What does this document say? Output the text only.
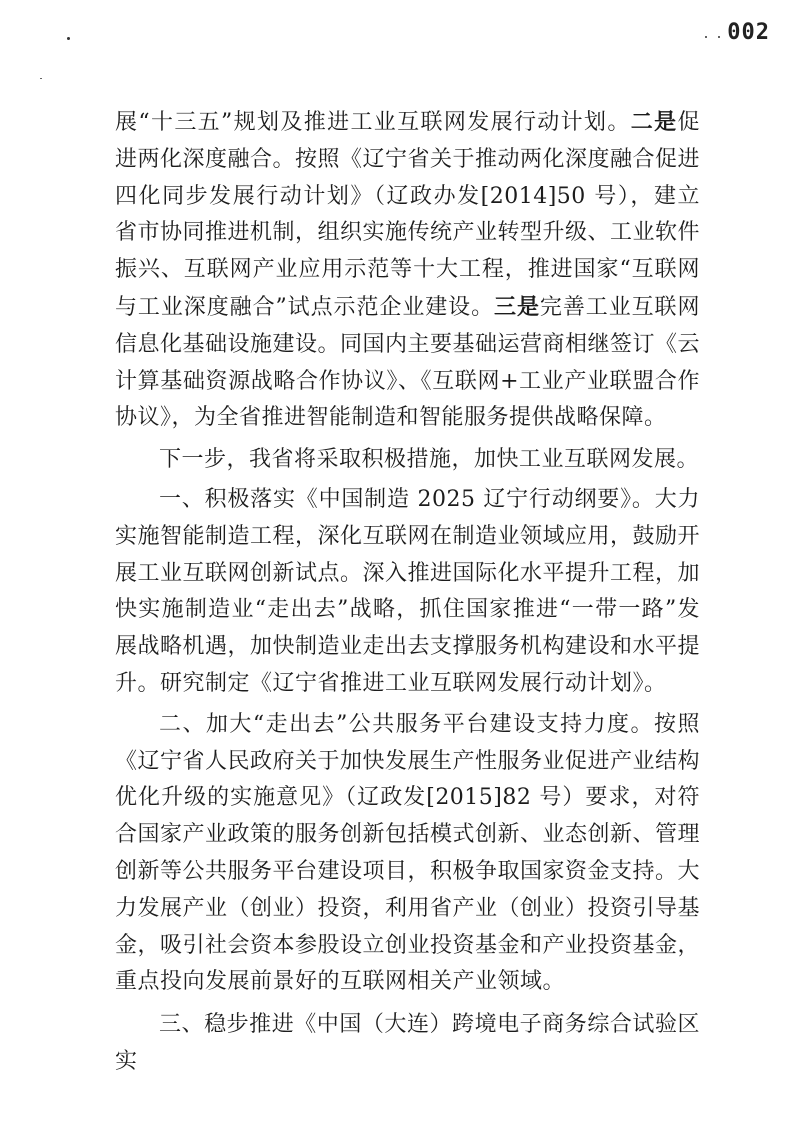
002

展“十三五”规划及推进工业互联网发展行动计划。二是促进两化深度融合。按照《辽宁省关于推动两化深度融合促进四化同步发展行动计划》（辽政办发[2014]50 号），建立省市协同推进机制，组织实施传统产业转型升级、工业软件振兴、互联网产业应用示范等十大工程，推进国家“互联网与工业深度融合”试点示范企业建设。三是完善工业互联网信息化基础设施建设。同国内主要基础运营商相继签订《云计算基础资源战略合作协议》、《互联网+工业产业联盟合作协议》，为全省推进智能制造和智能服务提供战略保障。

下一步，我省将采取积极措施，加快工业互联网发展。

一、积极落实《中国制造 2025 辽宁行动纲要》。大力实施智能制造工程，深化互联网在制造业领域应用，鼓励开展工业互联网创新试点。深入推进国际化水平提升工程，加快实施制造业“走出去”战略，抓住国家推进“一带一路”发展战略机遇，加快制造业走出去支撑服务机构建设和水平提升。研究制定《辽宁省推进工业互联网发展行动计划》。

二、加大“走出去”公共服务平台建设支持力度。按照《辽宁省人民政府关于加快发展生产性服务业促进产业结构优化升级的实施意见》（辽政发[2015]82 号）要求，对符合国家产业政策的服务创新包括模式创新、业态创新、管理创新等公共服务平台建设项目，积极争取国家资金支持。大力发展产业（创业）投资，利用省产业（创业）投资引导基金，吸引社会资本参股设立创业投资基金和产业投资基金，重点投向发展前景好的互联网相关产业领域。

三、稳步推进《中国（大连）跨境电子商务综合试验区实
